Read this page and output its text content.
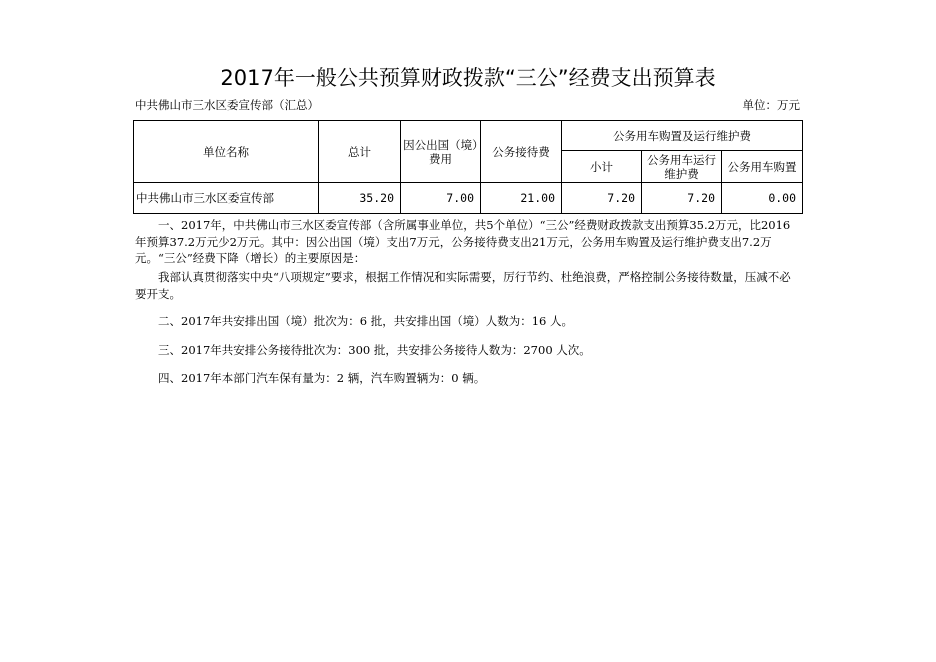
2017年一般公共预算财政拨款“三公”经费支出预算表
中共佛山市三水区委宣传部（汇总）	单位：万元
单位名称	总计	因公出国（境）费用	公务接待费	公务用车购置及运行维护费		
				小计	公务用车运行维护费	公务用车购置
中共佛山市三水区委宣传部	35.20	7.00	21.00	7.20	7.20	0.00

一、2017年，中共佛山市三水区委宣传部（含所属事业单位，共5个单位）“三公”经费财政拨款支出预算35.2万元，比2016年预算37.2万元少2万元。其中：因公出国（境）支出7万元，公务接待费支出21万元，公务用车购置及运行维护费支出7.2万元。“三公”经费下降（增长）的主要原因是：

我部认真贯彻落实中央“八项规定”要求，根据工作情况和实际需要，厉行节约、杜绝浪费，严格控制公务接待数量，压减不必要开支。

二、2017年共安排出国（境）批次为：6 批，共安排出国（境）人数为：16 人。

三、2017年共安排公务接待批次为：300 批，共安排公务接待人数为：2700 人次。

四、2017年本部门汽车保有量为：2 辆，汽车购置辆为：0 辆。
